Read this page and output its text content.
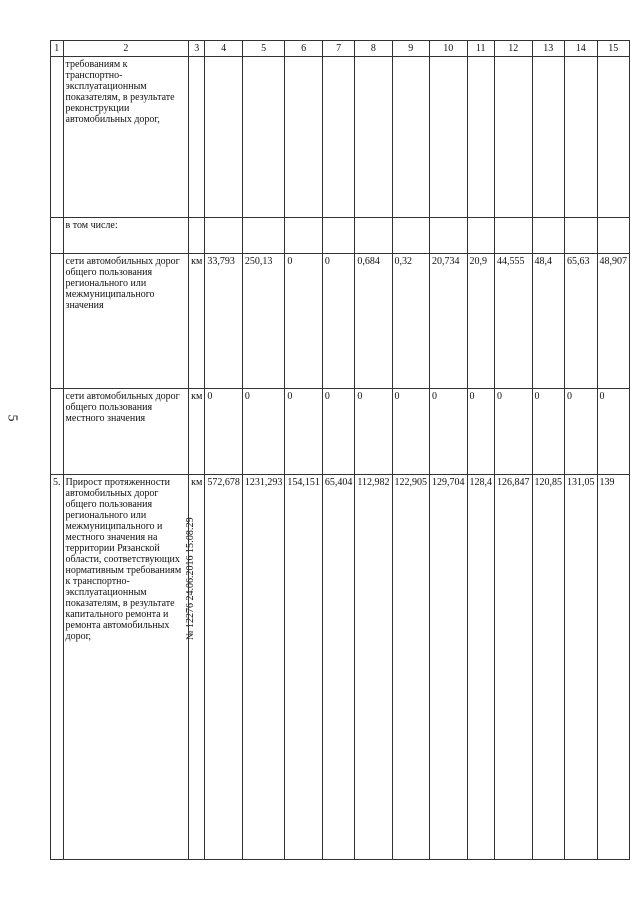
5
№ 12276 24.06.2016 15:08:29
1	2	3	4	5	6	7	8	9	10	11	12	13	14	15
	требованиям к транспортно-эксплуатационным показателям, в результате реконструкции автомобильных дорог,													
	в том числе:													
	сети автомобильных дорог общего пользования регионального или межмуниципального значения	км	33,793	250,13	0	0	0,684	0,32	20,734	20,9	44,555	48,4	65,63	48,907
	сети автомобильных дорог общего пользования местного значения	км	0	0	0	0	0	0	0	0	0	0	0	0
5.	Прирост протяженности автомобильных дорог общего пользования регионального или межмуниципального и местного значения на территории Рязанской области, соответствующих нормативным требованиям к транспортно-эксплуатационным показателям, в результате капитального ремонта и ремонта автомобильных дорог,	км	572,678	1231,293	154,151	65,404	112,982	122,905	129,704	128,4	126,847	120,85	131,05	139
